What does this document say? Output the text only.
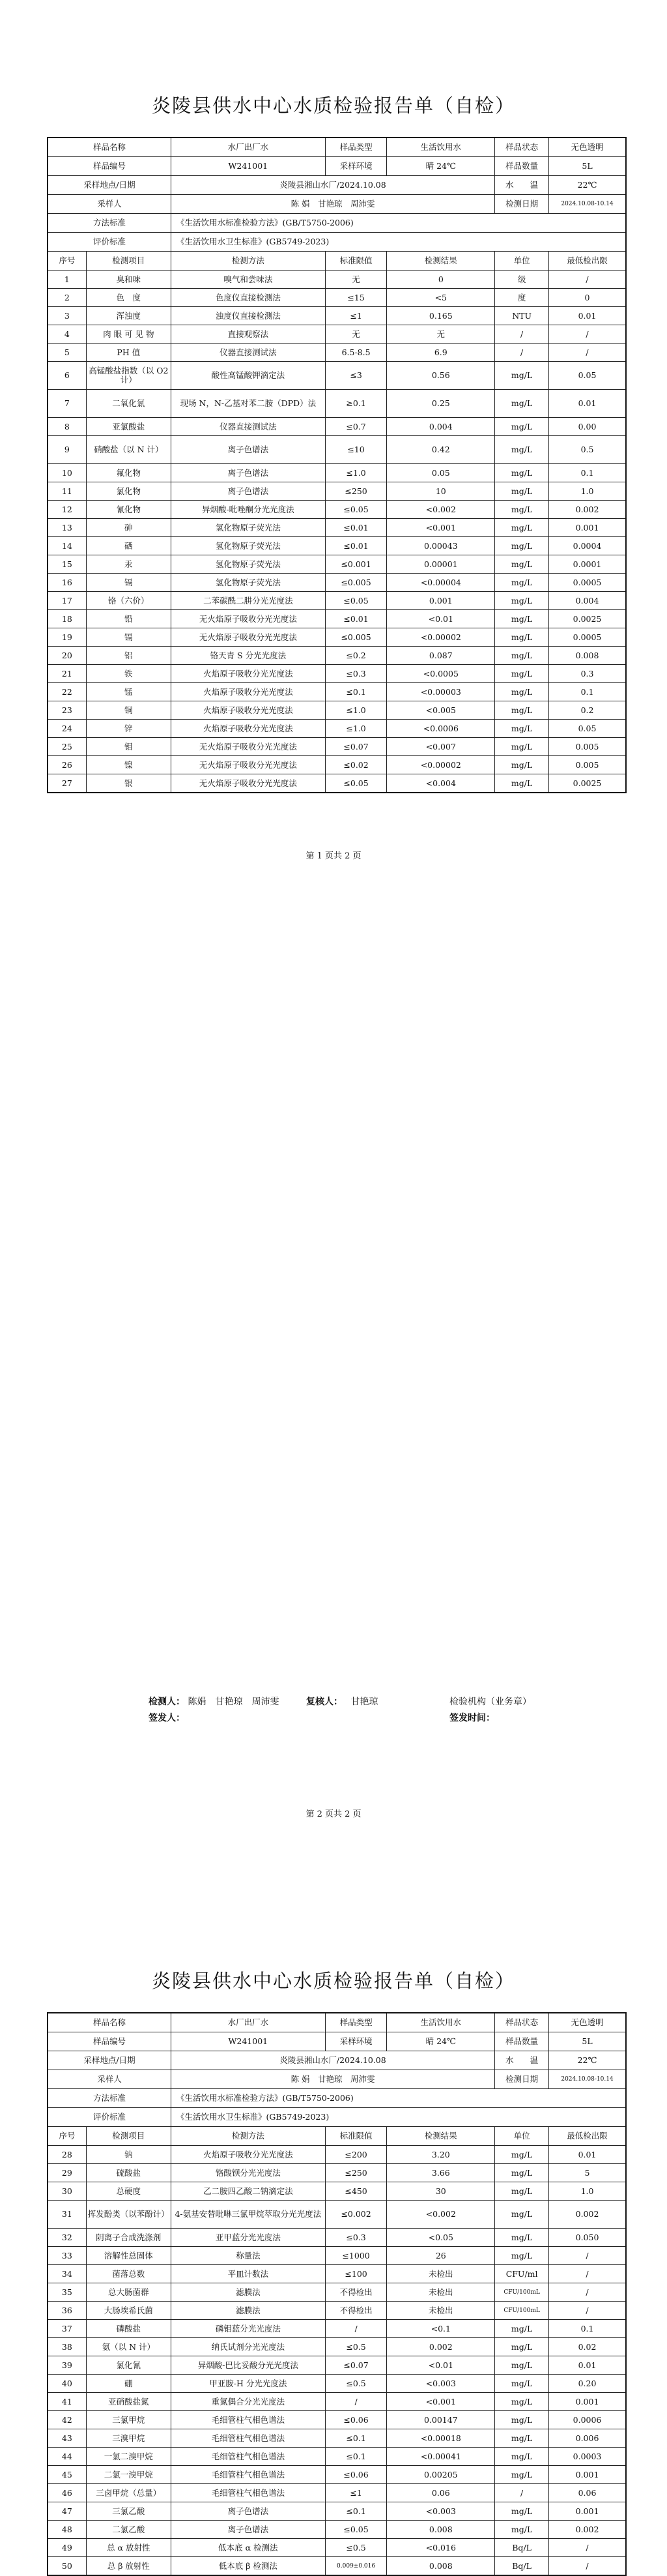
炎陵县供水中心水质检验报告单（自检）
样品名称		水厂出厂水	样品类型	生活饮用水	样品状态	无色透明
样品编号		W241001	采样环境	晴 24℃	样品数量	5L
采样地点/日期		炎陵县湘山水厂/2024.10.08			水　　温	22℃
采样人		陈 娟　甘艳琼　周沛雯			检测日期	2024.10.08-10.14
方法标准		《生活饮用水标准检验方法》(GB/T5750-2006)				
评价标准		《生活饮用水卫生标准》(GB5749-2023)				
序号	检测项目	检测方法	标准限值	检测结果	单位	最低检出限
1	臭和味	嗅气和尝味法	无	0	级	/
2	色　度	色度仪直接检测法	≤15	<5	度	0
3	浑浊度	浊度仪直接检测法	≤1	0.165	NTU	0.01
4	肉 眼 可 见 物	直接观察法	无	无	/	/
5	PH 值	仪器直接测试法	6.5-8.5	6.9	/	/
6	高锰酸盐指数（以 O2 计）	酸性高锰酸钾滴定法	≤3	0.56	mg/L	0.05
7	二氧化氯	现场 N，N-乙基对苯二胺（DPD）法	≥0.1	0.25	mg/L	0.01
8	亚氯酸盐	仪器直接测试法	≤0.7	0.004	mg/L	0.00
9	硝酸盐（以 N 计）	离子色谱法	≤10	0.42	mg/L	0.5
10	氟化物	离子色谱法	≤1.0	0.05	mg/L	0.1
11	氯化物	离子色谱法	≤250	10	mg/L	1.0
12	氰化物	异烟酸-吡唑酮分光光度法	≤0.05	<0.002	mg/L	0.002
13	砷	氢化物原子荧光法	≤0.01	<0.001	mg/L	0.001
14	硒	氢化物原子荧光法	≤0.01	0.00043	mg/L	0.0004
15	汞	氢化物原子荧光法	≤0.001	0.00001	mg/L	0.0001
16	镉	氢化物原子荧光法	≤0.005	<0.00004	mg/L	0.0005
17	铬（六价）	二苯碳酰二肼分光光度法	≤0.05	0.001	mg/L	0.004
18	铅	无火焰原子吸收分光光度法	≤0.01	<0.01	mg/L	0.0025
19	镉	无火焰原子吸收分光光度法	≤0.005	<0.00002	mg/L	0.0005
20	铝	铬天青 S 分光光度法	≤0.2	0.087	mg/L	0.008
21	铁	火焰原子吸收分光光度法	≤0.3	<0.0005	mg/L	0.3
22	锰	火焰原子吸收分光光度法	≤0.1	<0.00003	mg/L	0.1
23	铜	火焰原子吸收分光光度法	≤1.0	<0.005	mg/L	0.2
24	锌	火焰原子吸收分光光度法	≤1.0	<0.0006	mg/L	0.05
25	钼	无火焰原子吸收分光光度法	≤0.07	<0.007	mg/L	0.005
26	镍	无火焰原子吸收分光光度法	≤0.02	<0.00002	mg/L	0.005
27	银	无火焰原子吸收分光光度法	≤0.05	<0.004	mg/L	0.0025
第 1 页共 2 页
炎陵县供水中心水质检验报告单（自检）
样品名称		水厂出厂水	样品类型	生活饮用水	样品状态	无色透明
样品编号		W241001	采样环境	晴 24℃	样品数量	5L
采样地点/日期		炎陵县湘山水厂/2024.10.08			水　　温	22℃
采样人		陈 娟　甘艳琼　周沛雯			检测日期	2024.10.08-10.14
方法标准		《生活饮用水标准检验方法》(GB/T5750-2006)				
评价标准		《生活饮用水卫生标准》(GB5749-2023)				
序号	检测项目	检测方法	标准限值	检测结果	单位	最低检出限
28	钠	火焰原子吸收分光光度法	≤200	3.20	mg/L	0.01
29	硫酸盐	铬酸钡分光光度法	≤250	3.66	mg/L	5
30	总硬度	乙二胺四乙酸二钠滴定法	≤450	30	mg/L	1.0
31	挥发酚类（以苯酚计）	4-氨基安替吡啉三氯甲烷萃取分光光度法	≤0.002	<0.002	mg/L	0.002
32	阴离子合成洗涤剂	亚甲蓝分光光度法	≤0.3	<0.05	mg/L	0.050
33	溶解性总固体	称量法	≤1000	26	mg/L	/
34	菌落总数	平皿计数法	≤100	未检出	CFU/ml	/
35	总大肠菌群	滤膜法	不得检出	未检出	CFU/100mL	/
36	大肠埃希氏菌	滤膜法	不得检出	未检出	CFU/100mL	/
37	磷酸盐	磷钼蓝分光光度法	/	<0.1	mg/L	0.1
38	氨（以 N 计）	纳氏试剂分光光度法	≤0.5	0.002	mg/L	0.02
39	氯化氰	异烟酸-巴比妥酸分光光度法	≤0.07	<0.01	mg/L	0.01
40	硼	甲亚胺-H 分光光度法	≤0.5	<0.003	mg/L	0.20
41	亚硝酸盐氮	重氮偶合分光光度法	/	<0.001	mg/L	0.001
42	三氯甲烷	毛细管柱气相色谱法	≤0.06	0.00147	mg/L	0.0006
43	三溴甲烷	毛细管柱气相色谱法	≤0.1	<0.00018	mg/L	0.006
44	一氯二溴甲烷	毛细管柱气相色谱法	≤0.1	<0.00041	mg/L	0.0003
45	二氯一溴甲烷	毛细管柱气相色谱法	≤0.06	0.00205	mg/L	0.001
46	三卤甲烷（总量）	毛细管柱气相色谱法	≤1	0.06	/	0.06
47	三氯乙酸	离子色谱法	≤0.1	<0.003	mg/L	0.001
48	二氯乙酸	离子色谱法	≤0.05	0.008	mg/L	0.002
49	总 α 放射性	低本底 α 检测法	≤0.5	<0.016	Bq/L	/
50	总 β 放射性	低本底 β 检测法	0.009±0.016	0.008	Bq/L	/
检测人： 陈娟　甘艳琼　周沛雯	复核人： 甘艳琼	检验机构（业务章）
签发人：	签发时间：
第 2 页共 2 页
